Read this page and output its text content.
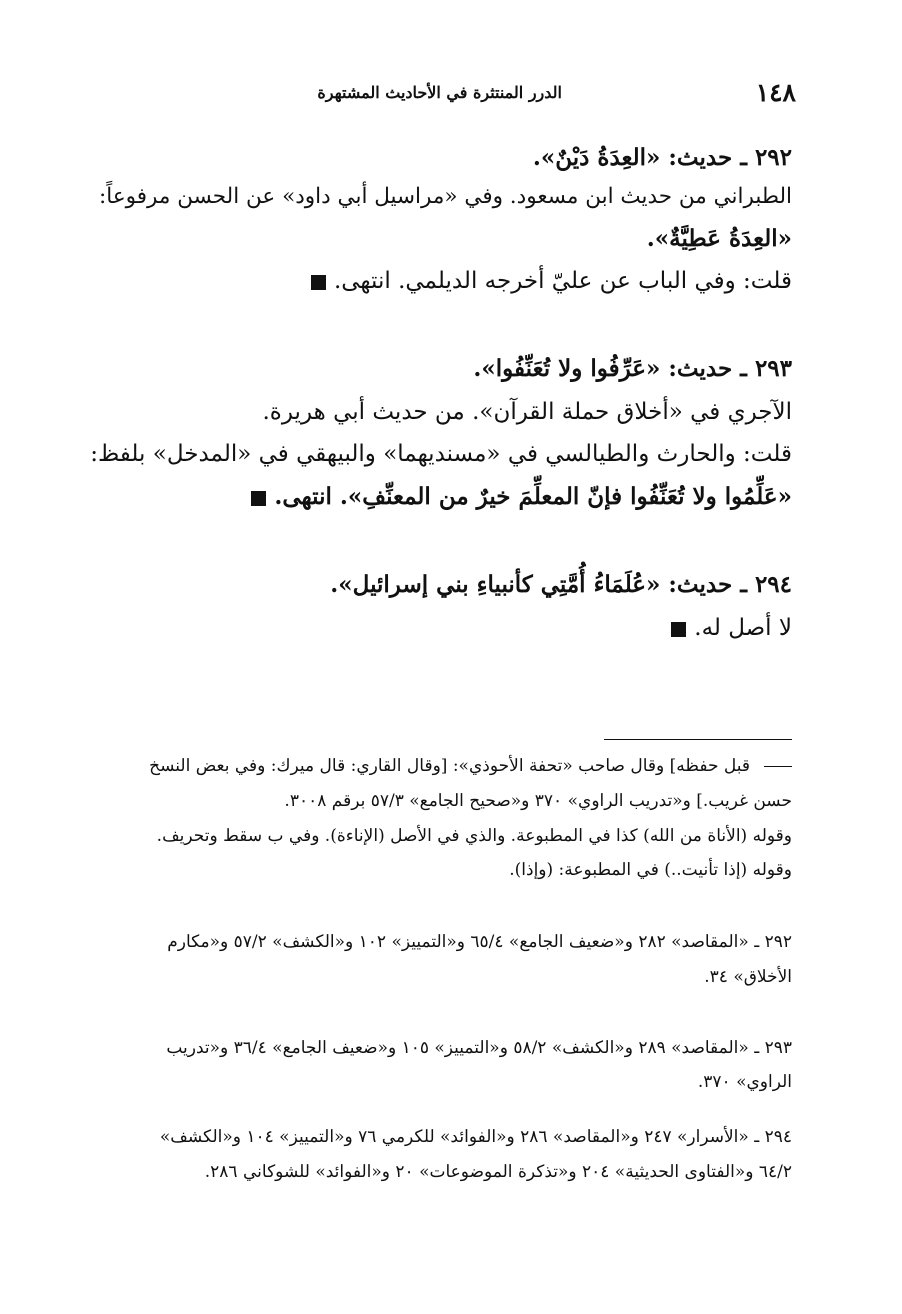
١٤٨
الدرر المنتثرة في الأحاديث المشتهرة
٢٩٢ ـ حديث: «العِدَةُ دَيْنٌ».
الطبراني من حديث ابن مسعود. وفي «مراسيل أبي داود» عن الحسن مرفوعاً:
«العِدَةُ عَطِيَّةٌ».
قلت: وفي الباب عن عليّ أخرجه الديلمي. انتهى.
٢٩٣ ـ حديث: «عَرِّفُوا ولا تُعَنِّفُوا».
الآجري في «أخلاق حملة القرآن». من حديث أبي هريرة.
قلت: والحارث والطيالسي في «مسنديهما» والبيهقي في «المدخل» بلفظ:
«عَلِّمُوا ولا تُعَنِّفُوا فإنّ المعلِّمَ خيرٌ من المعنِّفِ». انتهى.
٢٩٤ ـ حديث: «عُلَمَاءُ أُمَّتِي كأنبياءِ بني إسرائيل».
لا أصل له.
قبل حفظه] وقال صاحب «تحفة الأحوذي»: [وقال القاري: قال ميرك: وفي بعض النسخ
حسن غريب.] و«تدريب الراوي» ٣٧٠ و«صحيح الجامع» ٥٧/٣ برقم ٣٠٠٨.
وقوله (الأناة من الله) كذا في المطبوعة. والذي في الأصل (الإناءة). وفي ب سقط وتحريف.
وقوله (إذا تأنيت..) في المطبوعة: (وإذا).
٢٩٢ ـ «المقاصد» ٢٨٢ و«ضعيف الجامع» ٦٥/٤ و«التمييز» ١٠٢ و«الكشف» ٥٧/٢ و«مكارم
الأخلاق» ٣٤.
٢٩٣ ـ «المقاصد» ٢٨٩ و«الكشف» ٥٨/٢ و«التمييز» ١٠٥ و«ضعيف الجامع» ٣٦/٤ و«تدريب
الراوي» ٣٧٠.
٢٩٤ ـ «الأسرار» ٢٤٧ و«المقاصد» ٢٨٦ و«الفوائد» للكرمي ٧٦ و«التمييز» ١٠٤ و«الكشف»
٦٤/٢ و«الفتاوى الحديثية» ٢٠٤ و«تذكرة الموضوعات» ٢٠ و«الفوائد» للشوكاني ٢٨٦.
